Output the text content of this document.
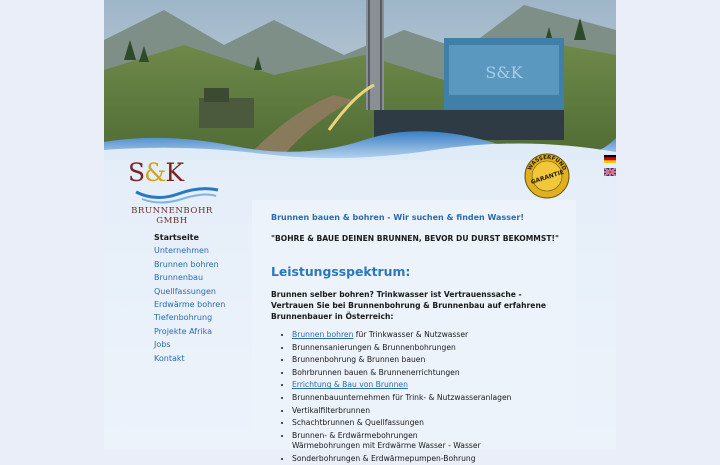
S&K
S&K
BRUNNENBOHR
GMBH
WASSERFUND
GARANTIE
Startseite
Unternehmen
Brunnen bohren
Brunnenbau
Quellfassungen
Erdwärme bohren
Tiefenbohrung
Projekte Afrika
Jobs
Kontakt
Brunnen bauen & bohren - Wir suchen & finden Wasser!
"BOHRE & BAUE DEINEN BRUNNEN, BEVOR DU DURST BEKOMMST!"
Leistungsspektrum:
Brunnen selber bohren? Trinkwasser ist Vertrauenssache - Vertrauen Sie bei Brunnenbohrung & Brunnenbau auf erfahrene Brunnenbauer in Österreich:
• Brunnen bohren für Trinkwasser & Nutzwasser
• Brunnensanierungen & Brunnenbohrungen
• Brunnenbohrung & Brunnen bauen
• Bohrbrunnen bauen & Brunnenerrichtungen
• Errichtung & Bau von Brunnen
• Brunnenbauunternehmen für Trink- & Nutzwasseranlagen
• Vertikalfilterbrunnen
• Schachtbrunnen & Quellfassungen
• Brunnen- & Erdwärmebohrungen
Wärmebohrungen mit Erdwärme Wasser - Wasser
• Sonderbohrungen & Erdwärmepumpen-Bohrung
